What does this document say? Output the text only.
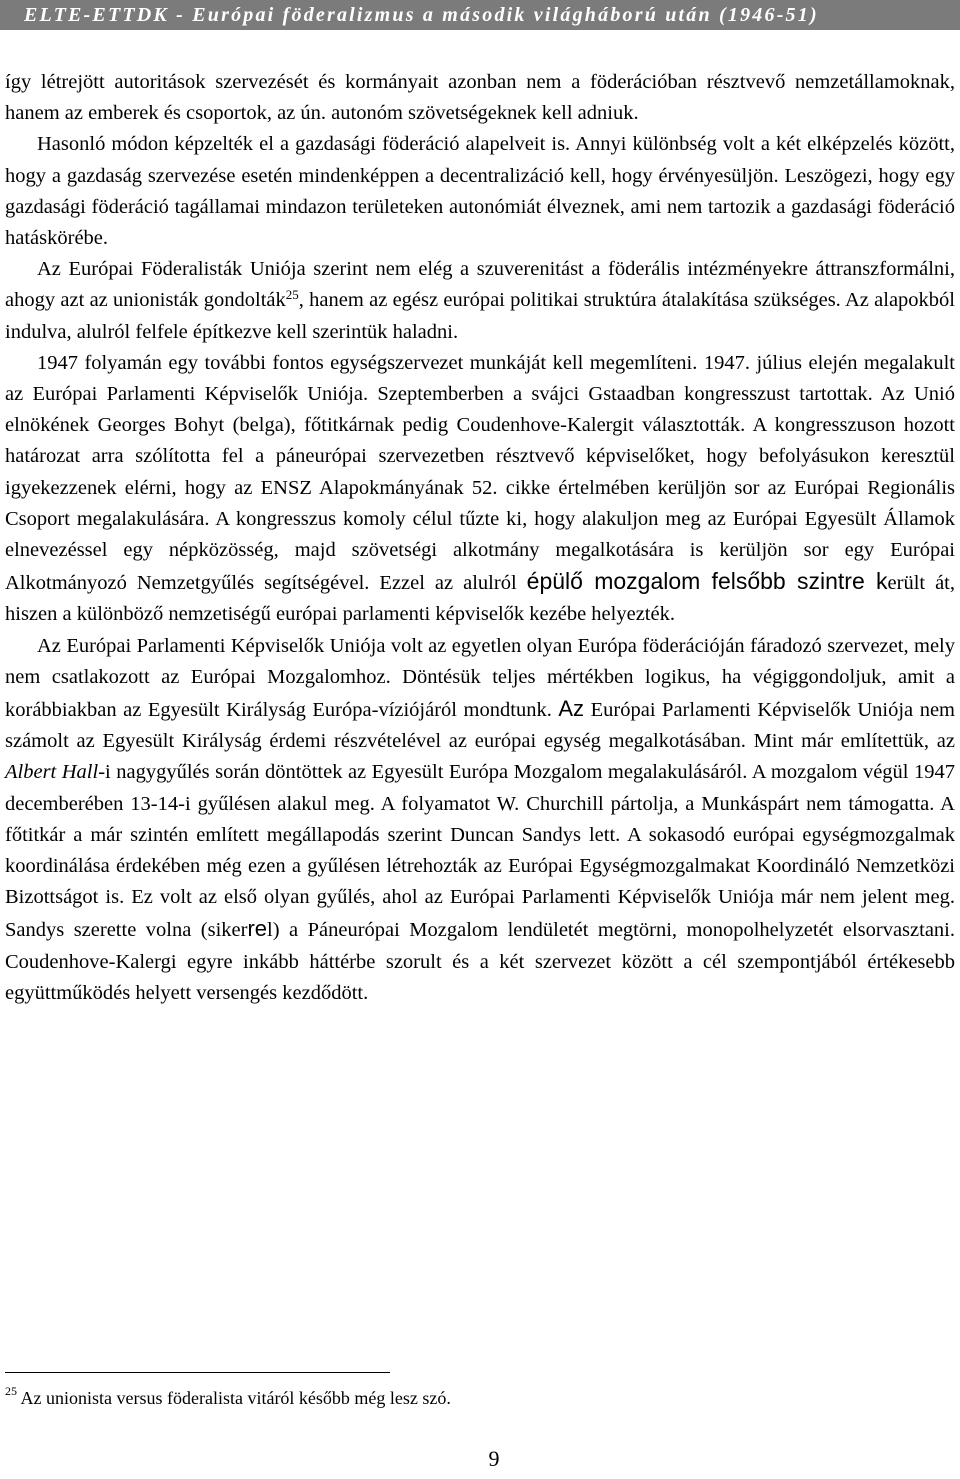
ELTE-ETTDK - Európai föderalizmus a második világháború után (1946-51)

így létrejött autoritások szervezését és kormányait azonban nem a föderációban résztvevő nemzetállamoknak, hanem az emberek és csoportok, az ún. autonóm szövetségeknek kell adniuk.

Hasonló módon képzelték el a gazdasági föderáció alapelveit is. Annyi különbség volt a két elképzelés között, hogy a gazdaság szervezése esetén mindenképpen a decentralizáció kell, hogy érvényesüljön. Leszögezi, hogy egy gazdasági föderáció tagállamai mindazon területeken autonómiát élveznek, ami nem tartozik a gazdasági föderáció hatáskörébe.

Az Európai Föderalisták Uniója szerint nem elég a szuverenitást a föderális intézményekre áttranszformálni, ahogy azt az unionisták gondolták$^{25}$, hanem az egész európai politikai struktúra átalakítása szükséges. Az alapokból indulva, alulról felfele építkezve kell szerintük haladni.

1947 folyamán egy további fontos egységszervezet munkáját kell megemlíteni. 1947. július elején megalakult az Európai Parlamenti Képviselők Uniója. Szeptemberben a svájci Gstaadban kongresszust tartottak. Az Unió elnökének Georges Bohyt (belga), főtitkárnak pedig Coudenhove-Kalergit választották. A kongresszuson hozott határozat arra szólította fel a páneurópai szervezetben résztvevő képviselőket, hogy befolyásukon keresztül igyekezzenek elérni, hogy az ENSZ Alapokmányának 52. cikke értelmében kerüljön sor az Európai Regionális Csoport megalakulására. A kongresszus komoly célul tűzte ki, hogy alakuljon meg az Európai Egyesült Államok elnevezéssel egy népközösség, majd szövetségi alkotmány megalkotására is kerüljön sor egy Európai Alkotmányozó Nemzetgyűlés segítségével. Ezzel az alulról épülő mozgalom felsőbb szintre került át, hiszen a különböző nemzetiségű európai parlamenti képviselők kezébe helyezték.

Az Európai Parlamenti Képviselők Uniója volt az egyetlen olyan Európa föderációján fáradozó szervezet, mely nem csatlakozott az Európai Mozgalomhoz. Döntésük teljes mértékben logikus, ha végiggondoljuk, amit a korábbiakban az Egyesült Királyság Európa-víziójáról mondtunk. Az Európai Parlamenti Képviselők Uniója nem számolt az Egyesült Királyság érdemi részvételével az európai egység megalkotásában. Mint már említettük, az Albert Hall-i nagygyűlés során döntöttek az Egyesült Európa Mozgalom megalakulásáról. A mozgalom végül 1947 decemberében 13-14-i gyűlésen alakul meg. A folyamatot W. Churchill pártolja, a Munkáspárt nem támogatta. A főtitkár a már szintén említett megállapodás szerint Duncan Sandys lett. A sokasodó európai egységmozgalmak koordinálása érdekében még ezen a gyűlésen létrehozták az Európai Egységmozgalmakat Koordináló Nemzetközi Bizottságot is. Ez volt az első olyan gyűlés, ahol az Európai Parlamenti Képviselők Uniója már nem jelent meg. Sandys szerette volna (sikerrel) a Páneurópai Mozgalom lendületét megtörni, monopolhelyzetét elsorvasztani. Coudenhove-Kalergi egyre inkább háttérbe szorult és a két szervezet között a cél szempontjából értékesebb együttműködés helyett versengés kezdődött.

$^{25}$ Az unionista versus föderalista vitáról később még lesz szó.
9
